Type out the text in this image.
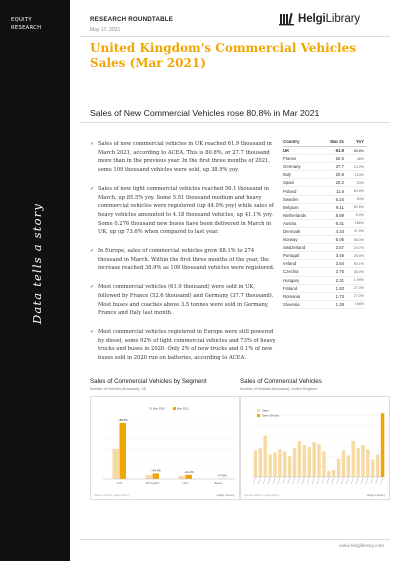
EQUITY
RESEARCH
Data tells a story
RESEARCH ROUNDTABLE
May 17, 2021
HelgiLibrary
United Kingdom's Commercial Vehicles Sales (Mar 2021)
Sales of New Commercial Vehicles rose 80.8% in Mar 2021
✓ Sales of new commercial vehicles in UK reached 61.9 thousand in March 2021, according to ACEA. This is 80.8%, or 27.7 thousand more than in the previous year. In the first three months of 2021, some 109 thousand vehicles were sold, up 38.9% yoy.
✓ Sales of new light commercial vehicles reached 56.1 thousand in March, up 85.5% yoy. Some 5.51 thousand medium and heavy commercial vehicles were registered (up 44.0% yoy) while sales of heavy vehicles amounted to 4.18 thousand vehicles, up 41.1% yoy. Some 0.276 thousand new buses have been delivered in March in UK, up up 73.6% when compared to last year.
✓ In Europe, sales of commercial vehicles grew 88.1% to 274 thousand in March. Within the first three months of the year, the increase reached 38.9% as 109 thousand vehicles were registered.
✓ Most commercial vehicles (61.9 thousand) were sold in UK, followed by France (52.6 thousand) and Germany (37.7 thousand). Most buses and coaches above 3.5 tonnes were sold in Germany, France and Italy last month.
✓ Most commercial vehicles registered in Europe were still powered by diesel, some 92% of light commercial vehicles and 73% of heavy trucks and buses in 2020. Only 2% of new trucks and 0.1% of new buses sold in 2020 run on batteries, according to ACEA.
Country	Mar 21	YoY
UK	61.9	80.8%
France	52.6	46%
Germany	37.7	14.2%
Italy	20.9	124%
Spain	20.2	23%
Poland	11.6	64.9%
Sweden	6.24	63%
Belgium	9.11	62.6%
Netherlands	8.89	0.0%
Austria	6.31	166%
Denmark	4.33	37.9%
Norway	5.05	56.3%
Switzerland	3.57	24.7%
Portugal	3.46	26.0%
Ireland	3.54	90.1%
Czechia	2.75	30.0%
Hungary	2.31	1.99%
Finland	1.83	27.0%
Romania	1.73	27.0%
Slovenia	1.28	106%
Sales of Commercial Vehicles by Segment
Number of Vehicles (thousand), UK
Mar 2020	Mar 2021
+85.5%
LCV
+44.0%
MCV+HCV
+41.1%
HCV
+73.6%
Buses
Source: ACEA, Helgi Library	Helgi Library
Sales of Commercial Vehicles
Number of Vehicles (thousand), United Kingdom
Sales
Sales 3M avg
Source: ACEA, Helgi Library	Helgi Library
www.helgilibrary.com
